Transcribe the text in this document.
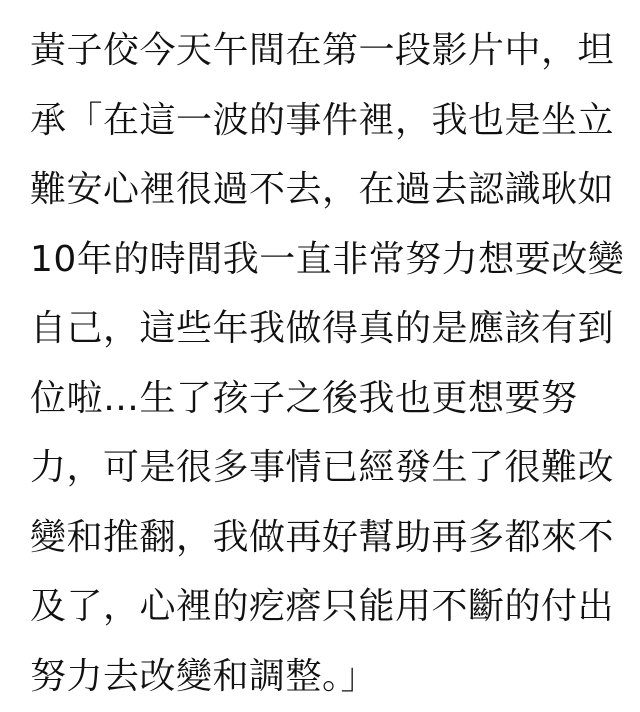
黃子佼今天午間在第一段影片中，坦
承「在這一波的事件裡，我也是坐立
難安心裡很過不去，在過去認識耿如
10年的時間我一直非常努力想要改變
自己，這些年我做得真的是應該有到
位啦…生了孩子之後我也更想要努
力，可是很多事情已經發生了很難改
變和推翻，我做再好幫助再多都來不
及了，心裡的疙瘩只能用不斷的付出
努力去改變和調整。」
